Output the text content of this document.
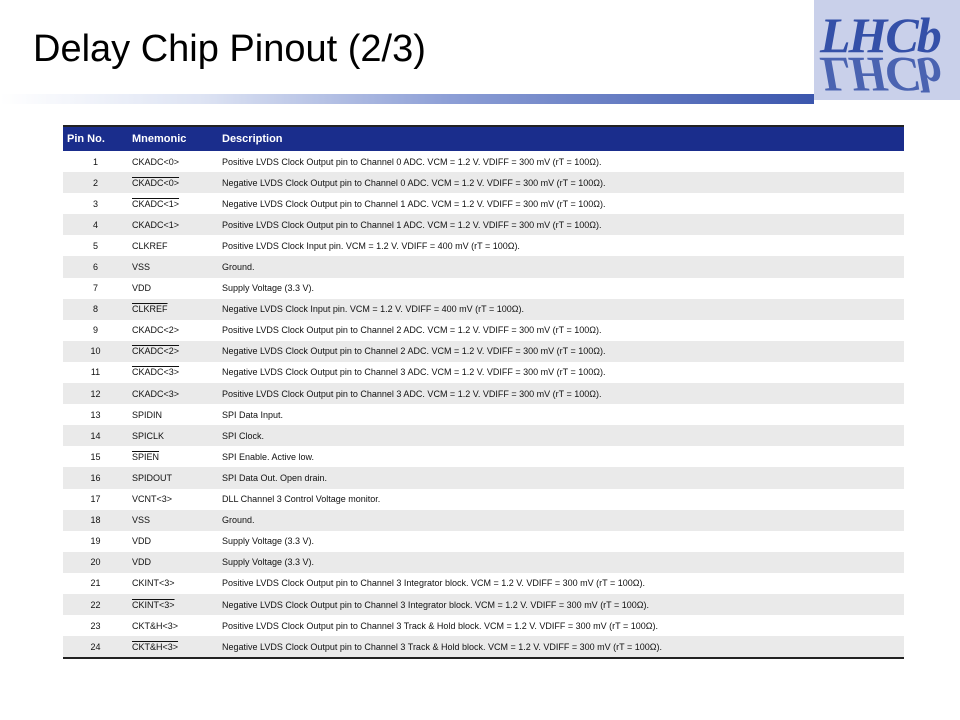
Delay Chip Pinout (2/3)	LHCb
LHCb
Pin No.	Mnemonic	Description
1	CKADC<0>	Positive LVDS Clock Output pin to Channel 0 ADC. VCM = 1.2 V. VDIFF = 300 mV (rT = 100Ω).
2	CKADC<0>	Negative LVDS Clock Output pin to Channel 0 ADC. VCM = 1.2 V. VDIFF = 300 mV (rT = 100Ω).
3	CKADC<1>	Negative LVDS Clock Output pin to Channel 1 ADC. VCM = 1.2 V. VDIFF = 300 mV (rT = 100Ω).
4	CKADC<1>	Positive LVDS Clock Output pin to Channel 1 ADC. VCM = 1.2 V. VDIFF = 300 mV (rT = 100Ω).
5	CLKREF	Positive LVDS Clock Input pin. VCM = 1.2 V. VDIFF = 400 mV (rT = 100Ω).
6	VSS	Ground.
7	VDD	Supply Voltage (3.3 V).
8	CLKREF	Negative LVDS Clock Input pin. VCM = 1.2 V. VDIFF = 400 mV (rT = 100Ω).
9	CKADC<2>	Positive LVDS Clock Output pin to Channel 2 ADC. VCM = 1.2 V. VDIFF = 300 mV (rT = 100Ω).
10	CKADC<2>	Negative LVDS Clock Output pin to Channel 2 ADC. VCM = 1.2 V. VDIFF = 300 mV (rT = 100Ω).
11	CKADC<3>	Negative LVDS Clock Output pin to Channel 3 ADC. VCM = 1.2 V. VDIFF = 300 mV (rT = 100Ω).
12	CKADC<3>	Positive LVDS Clock Output pin to Channel 3 ADC. VCM = 1.2 V. VDIFF = 300 mV (rT = 100Ω).
13	SPIDIN	SPI Data Input.
14	SPICLK	SPI Clock.
15	SPIEN	SPI Enable. Active low.
16	SPIDOUT	SPI Data Out. Open drain.
17	VCNT<3>	DLL Channel 3 Control Voltage monitor.
18	VSS	Ground.
19	VDD	Supply Voltage (3.3 V).
20	VDD	Supply Voltage (3.3 V).
21	CKINT<3>	Positive LVDS Clock Output pin to Channel 3 Integrator block. VCM = 1.2 V. VDIFF = 300 mV (rT = 100Ω).
22	CKINT<3>	Negative LVDS Clock Output pin to Channel 3 Integrator block. VCM = 1.2 V. VDIFF = 300 mV (rT = 100Ω).
23	CKT&H<3>	Positive LVDS Clock Output pin to Channel 3 Track & Hold block. VCM = 1.2 V. VDIFF = 300 mV (rT = 100Ω).
24	CKT&H<3>	Negative LVDS Clock Output pin to Channel 3 Track & Hold block. VCM = 1.2 V. VDIFF = 300 mV (rT = 100Ω).
